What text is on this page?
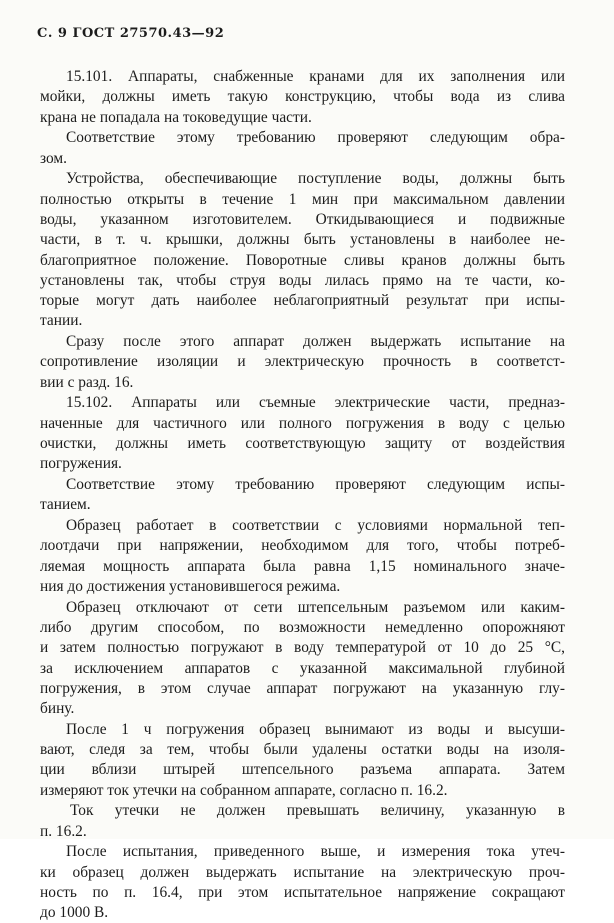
С. 9 ГОСТ 27570.43—92
15.101. Аппараты, снабженные кранами для их заполнения или
мойки, должны иметь такую конструкцию, чтобы вода из слива
крана не попадала на токоведущие части.
Соответствие этому требованию проверяют следующим обра-
зом.
Устройства, обеспечивающие поступление воды, должны быть
полностью открыты в течение 1 мин при максимальном давлении
воды, указанном изготовителем. Откидывающиеся и подвижные
части, в т. ч. крышки, должны быть установлены в наиболее не-
благоприятное положение. Поворотные сливы кранов должны быть
установлены так, чтобы струя воды лилась прямо на те части, ко-
торые могут дать наиболее неблагоприятный результат при испы-
тании.
Сразу после этого аппарат должен выдержать испытание на
сопротивление изоляции и электрическую прочность в соответст-
вии с разд. 16.
15.102. Аппараты или съемные электрические части, предназ-
наченные для частичного или полного погружения в воду с целью
очистки, должны иметь соответствующую защиту от воздействия
погружения.
Соответствие этому требованию проверяют следующим испы-
танием.
Образец работает в соответствии с условиями нормальной теп-
лоотдачи при напряжении, необходимом для того, чтобы потреб-
ляемая мощность аппарата была равна 1,15 номинального значе-
ния до достижения установившегося режима.
Образец отключают от сети штепсельным разъемом или каким-
либо другим способом, по возможности немедленно опорожняют
и затем полностью погружают в воду температурой от 10 до 25 °С,
за исключением аппаратов с указанной максимальной глубиной
погружения, в этом случае аппарат погружают на указанную глу-
бину.
После 1 ч погружения образец вынимают из воды и высуши-
вают, следя за тем, чтобы были удалены остатки воды на изоля-
ции вблизи штырей штепсельного разъема аппарата. Затем
измеряют ток утечки на собранном аппарате, согласно п. 16.2.
Ток утечки не должен превышать величину, указанную в
п. 16.2.
После испытания, приведенного выше, и измерения тока утеч-
ки образец должен выдержать испытание на электрическую проч-
ность по п. 16.4, при этом испытательное напряжение сокращают
до 1000 В.
